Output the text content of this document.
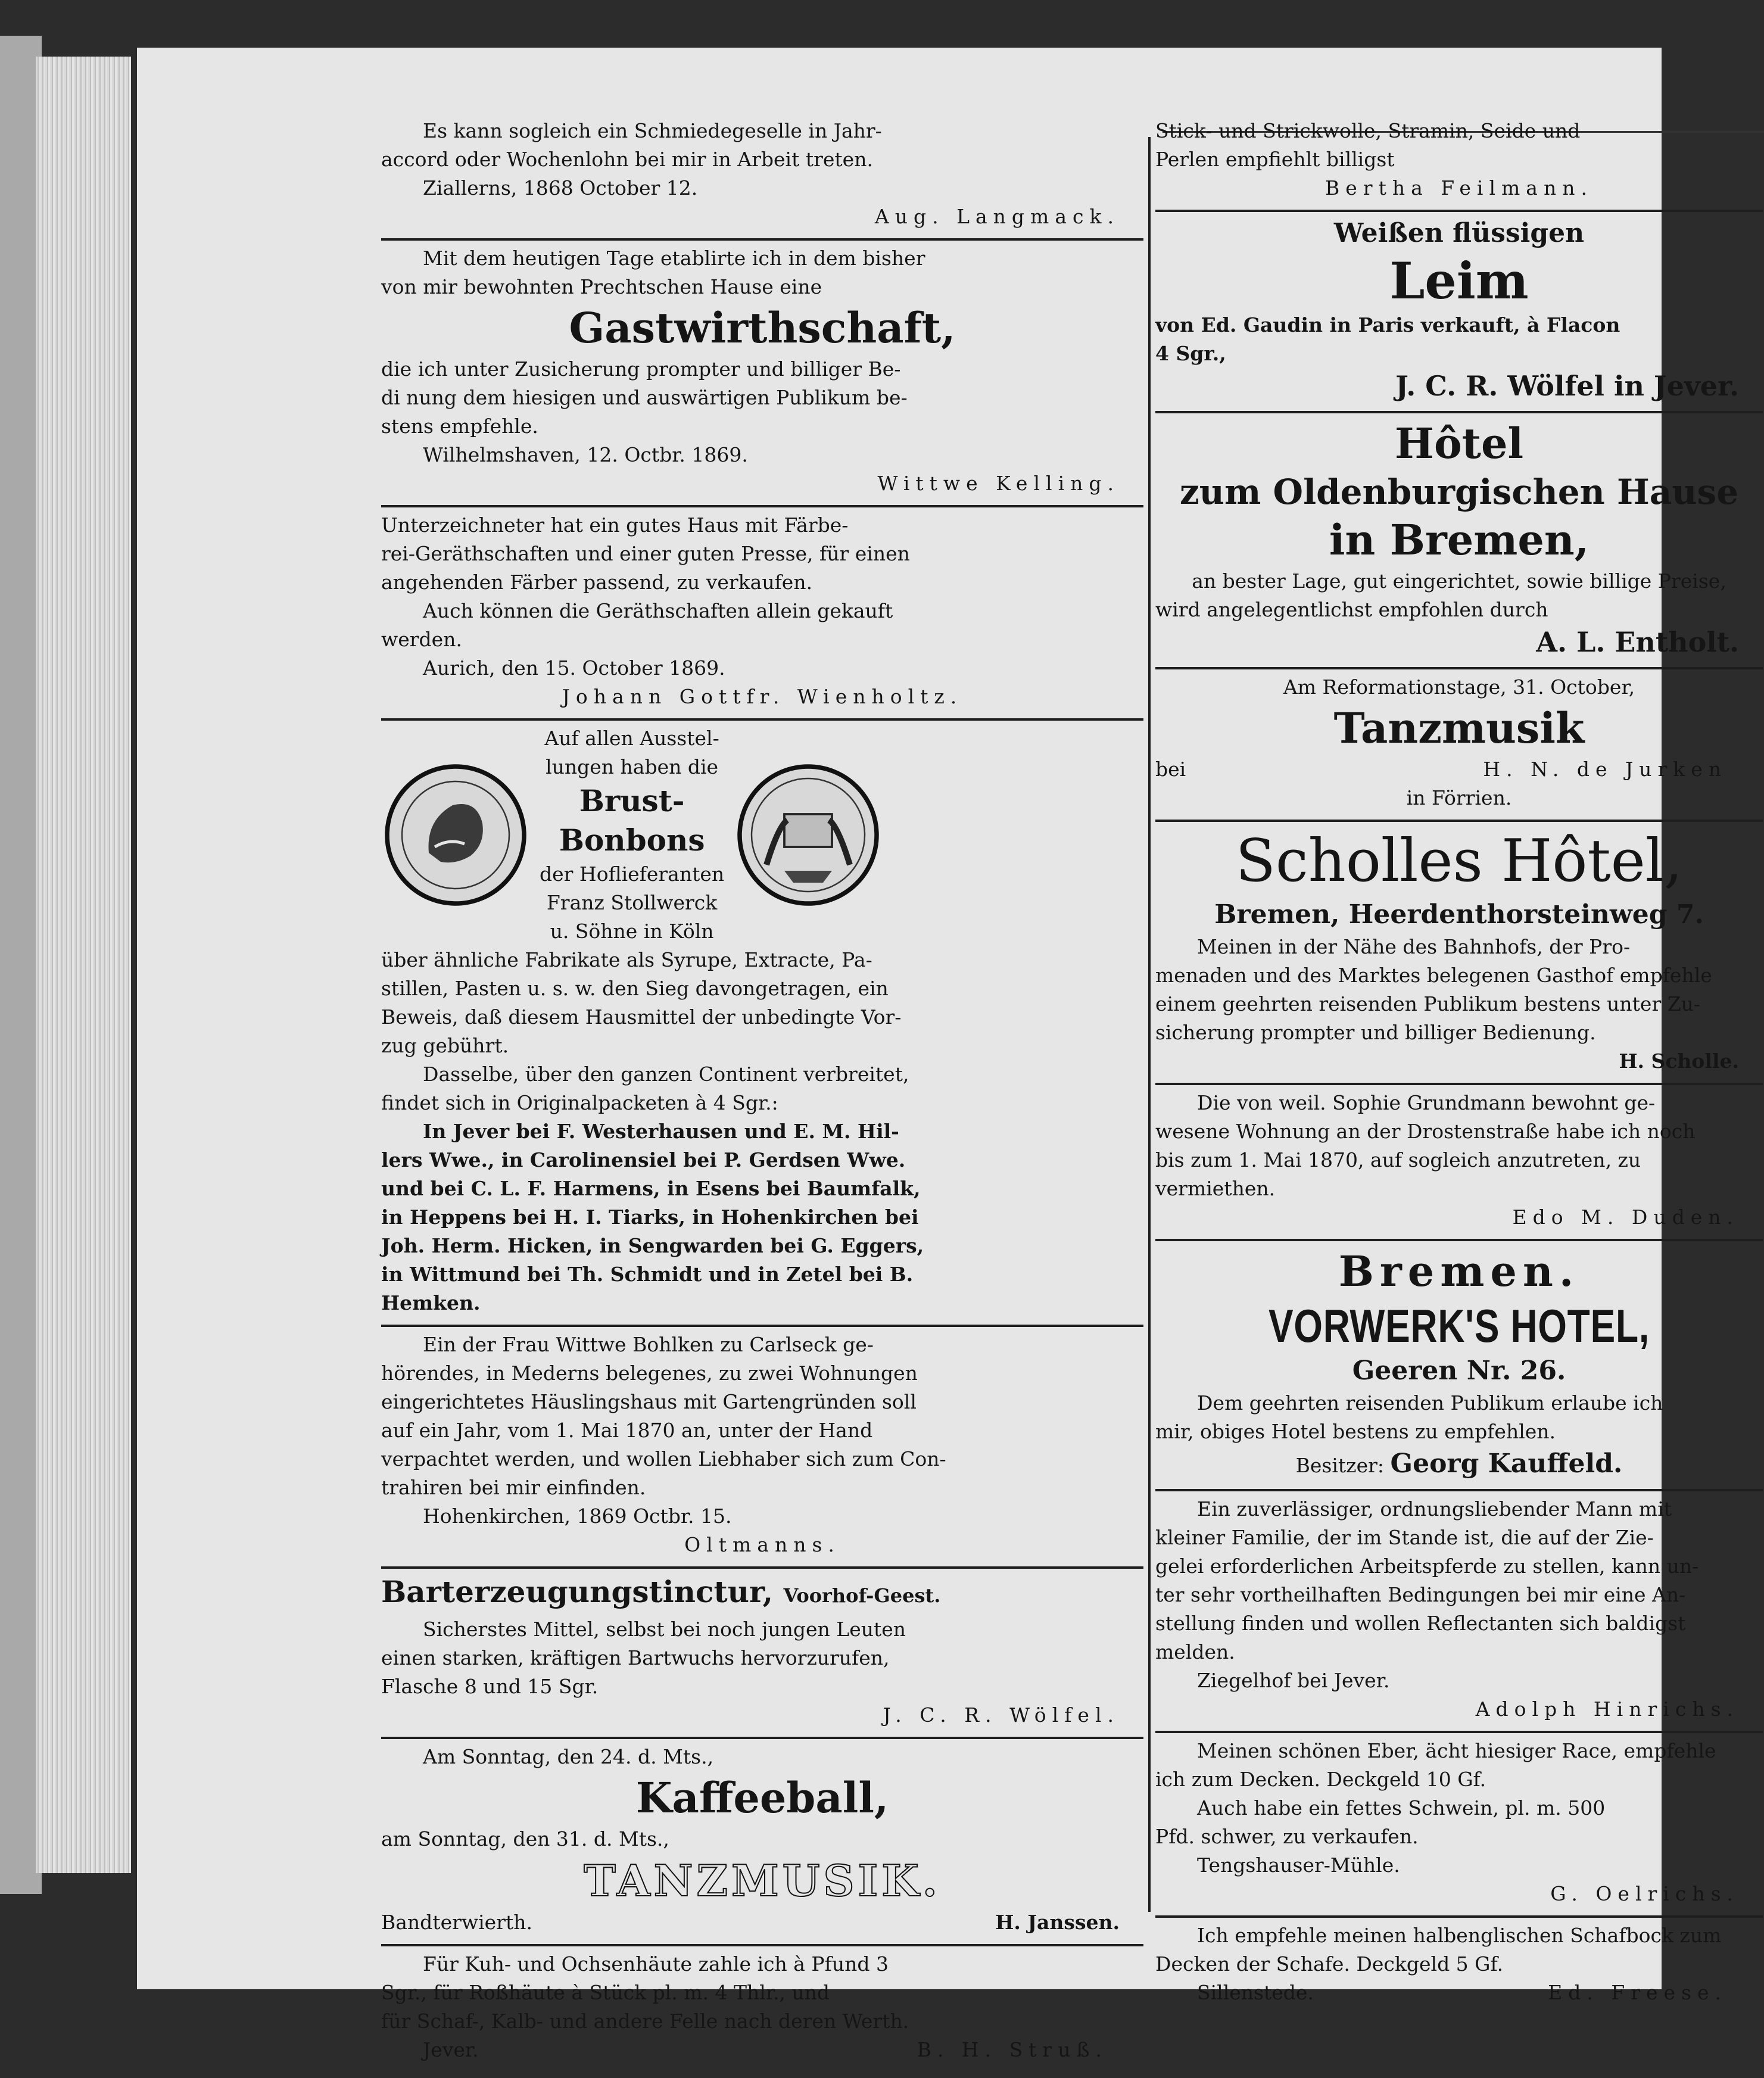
Es kann sogleich ein Schmiedegeselle in Jahr-

accord oder Wochenlohn bei mir in Arbeit treten.

Ziallerns, 1868 October 12.

Aug. Langmack.

Mit dem heutigen Tage etablirte ich in dem bisher

von mir bewohnten Prechtschen Hause eine

Gastwirthschaft,

die ich unter Zusicherung prompter und billiger Be-

di nung dem hiesigen und auswärtigen Publikum be-

stens empfehle.

Wilhelmshaven, 12. Octbr. 1869.

Wittwe Kelling.

Unterzeichneter hat ein gutes Haus mit Färbe-

rei-Geräthschaften und einer guten Presse, für einen

angehenden Färber passend, zu verkaufen.

Auch können die Geräthschaften allein gekauft

werden.

Aurich, den 15. October 1869.

Johann Gottfr. Wienholtz.

Auf allen Ausstel-

lungen haben die

Brust-

Bonbons

der Hoflieferanten

Franz Stollwerck

u. Söhne in Köln

über ähnliche Fabrikate als Syrupe, Extracte, Pa-

stillen, Pasten u. s. w. den Sieg davongetragen, ein

Beweis, daß diesem Hausmittel der unbedingte Vor-

zug gebührt.

Dasselbe, über den ganzen Continent verbreitet,

findet sich in Originalpacketen à 4 Sgr.:

In Jever bei F. Westerhausen und E. M. Hil-

lers Wwe., in Carolinensiel bei P. Gerdsen Wwe.

und bei C. L. F. Harmens, in Esens bei Baumfalk,

in Heppens bei H. I. Tiarks, in Hohenkirchen bei

Joh. Herm. Hicken, in Sengwarden bei G. Eggers,

in Wittmund bei Th. Schmidt und in Zetel bei B.

Hemken.

Ein der Frau Wittwe Bohlken zu Carlseck ge-

hörendes, in Mederns belegenes, zu zwei Wohnungen

eingerichtetes Häuslingshaus mit Gartengründen soll

auf ein Jahr, vom 1. Mai 1870 an, unter der Hand

verpachtet werden, und wollen Liebhaber sich zum Con-

trahiren bei mir einfinden.

Hohenkirchen, 1869 Octbr. 15.

Oltmanns.

Barterzeugungstinctur, Voorhof-Geest.

Sicherstes Mittel, selbst bei noch jungen Leuten

einen starken, kräftigen Bartwuchs hervorzurufen,

Flasche 8 und 15 Sgr.

J. C. R. Wölfel.

Am Sonntag, den 24. d. Mts.,

Kaffeeball,

am Sonntag, den 31. d. Mts.,

TANZMUSIK.

Bandterwierth.	H. Janssen.

Für Kuh- und Ochsenhäute zahle ich à Pfund 3

Sgr., für Roßhäute à Stück pl. m. 4 Thlr., und

für Schaf-, Kalb- und andere Felle nach deren Werth.

Jever.	B. H. Struß.

Stick- und Strickwolle, Stramin, Seide und

Perlen empfiehlt billigst

Bertha Feilmann.

Weißen flüssigen

Leim

von Ed. Gaudin in Paris verkauft, à Flacon

4 Sgr.,

J. C. R. Wölfel in Jever.

Hôtel

zum Oldenburgischen Hause

in Bremen,

an bester Lage, gut eingerichtet, sowie billige Preise,

wird angelegentlichst empfohlen durch

A. L. Entholt.

Am Reformationstage, 31. October,

Tanzmusik

bei	H. N. de Jurken

in Förrien.

Scholles Hôtel,

Bremen, Heerdenthorsteinweg 7.

Meinen in der Nähe des Bahnhofs, der Pro-

menaden und des Marktes belegenen Gasthof empfehle

einem geehrten reisenden Publikum bestens unter Zu-

sicherung prompter und billiger Bedienung.

H. Scholle.

Die von weil. Sophie Grundmann bewohnt ge-

wesene Wohnung an der Drostenstraße habe ich noch

bis zum 1. Mai 1870, auf sogleich anzutreten, zu

vermiethen.

Edo M. Duden.

Bremen.

VORWERK'S HOTEL,

Geeren Nr. 26.

Dem geehrten reisenden Publikum erlaube ich

mir, obiges Hotel bestens zu empfehlen.

Besitzer: Georg Kauffeld.

Ein zuverlässiger, ordnungsliebender Mann mit

kleiner Familie, der im Stande ist, die auf der Zie-

gelei erforderlichen Arbeitspferde zu stellen, kann un-

ter sehr vortheilhaften Bedingungen bei mir eine An-

stellung finden und wollen Reflectanten sich baldigst

melden.

Ziegelhof bei Jever.

Adolph Hinrichs.

Meinen schönen Eber, ächt hiesiger Race, empfehle

ich zum Decken. Deckgeld 10 Gf.

Auch habe ein fettes Schwein, pl. m. 500

Pfd. schwer, zu verkaufen.

Tengshauser-Mühle.

G. Oelrichs.

Ich empfehle meinen halbenglischen Schafbock zum

Decken der Schafe. Deckgeld 5 Gf.

Sillenstede.	Ed. Freese.
